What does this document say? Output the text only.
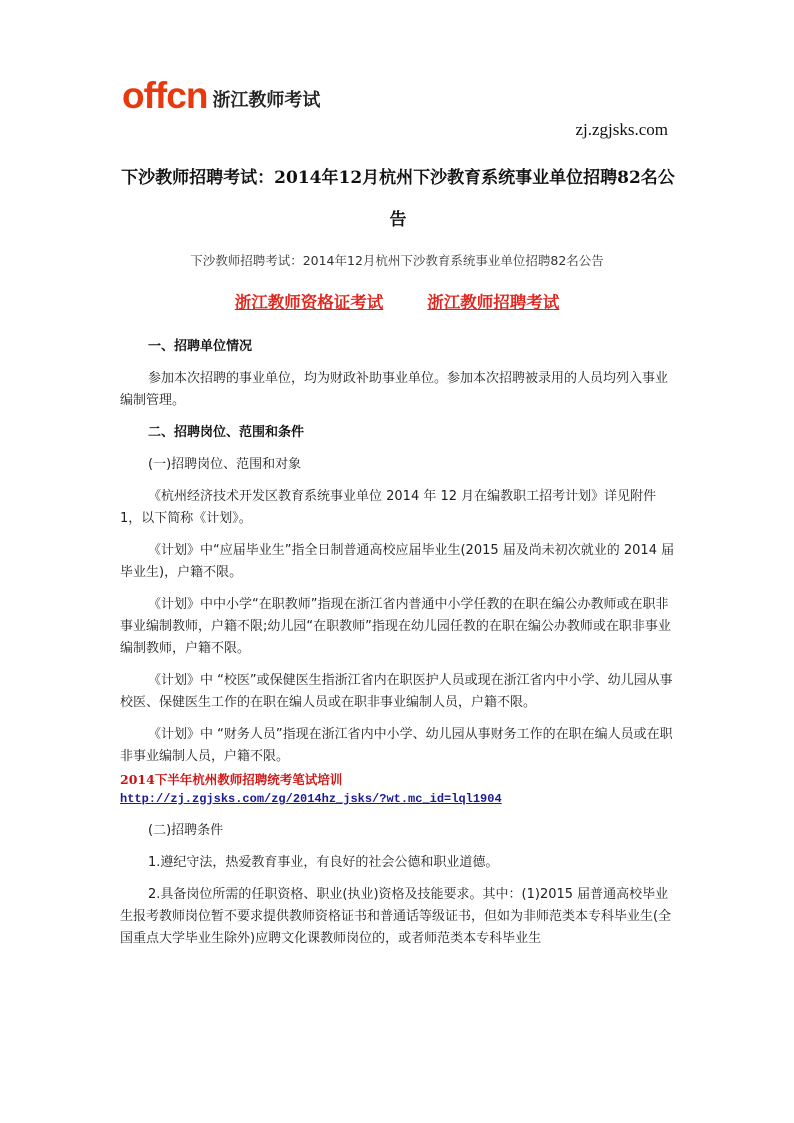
offcn 浙江教师考试
zj.zgjsks.com
下沙教师招聘考试：2014年12月杭州下沙教育系统事业单位招聘82名公告
下沙教师招聘考试：2014年12月杭州下沙教育系统事业单位招聘82名公告
浙江教师资格证考试	浙江教师招聘考试

一、招聘单位情况

参加本次招聘的事业单位，均为财政补助事业单位。参加本次招聘被录用的人员均列入事业编制管理。

二、招聘岗位、范围和条件

(一)招聘岗位、范围和对象

《杭州经济技术开发区教育系统事业单位 2014 年 12 月在编教职工招考计划》详见附件 1，以下简称《计划》。

《计划》中“应届毕业生”指全日制普通高校应届毕业生(2015 届及尚未初次就业的 2014 届毕业生)，户籍不限。

《计划》中中小学“在职教师”指现在浙江省内普通中小学任教的在职在编公办教师或在职非事业编制教师，户籍不限;幼儿园“在职教师”指现在幼儿园任教的在职在编公办教师或在职非事业编制教师，户籍不限。

《计划》中 “校医”或保健医生指浙江省内在职医护人员或现在浙江省内中小学、幼儿园从事校医、保健医生工作的在职在编人员或在职非事业编制人员，户籍不限。

《计划》中 “财务人员”指现在浙江省内中小学、幼儿园从事财务工作的在职在编人员或在职非事业编制人员，户籍不限。

2014下半年杭州教师招聘统考笔试培训
http://zj.zgjsks.com/zg/2014hz_jsks/?wt.mc_id=lql1904

(二)招聘条件

1.遵纪守法，热爱教育事业，有良好的社会公德和职业道德。

2.具备岗位所需的任职资格、职业(执业)资格及技能要求。其中：(1)2015 届普通高校毕业生报考教师岗位暂不要求提供教师资格证书和普通话等级证书，但如为非师范类本专科毕业生(全国重点大学毕业生除外)应聘文化课教师岗位的，或者师范类本专科毕业生
